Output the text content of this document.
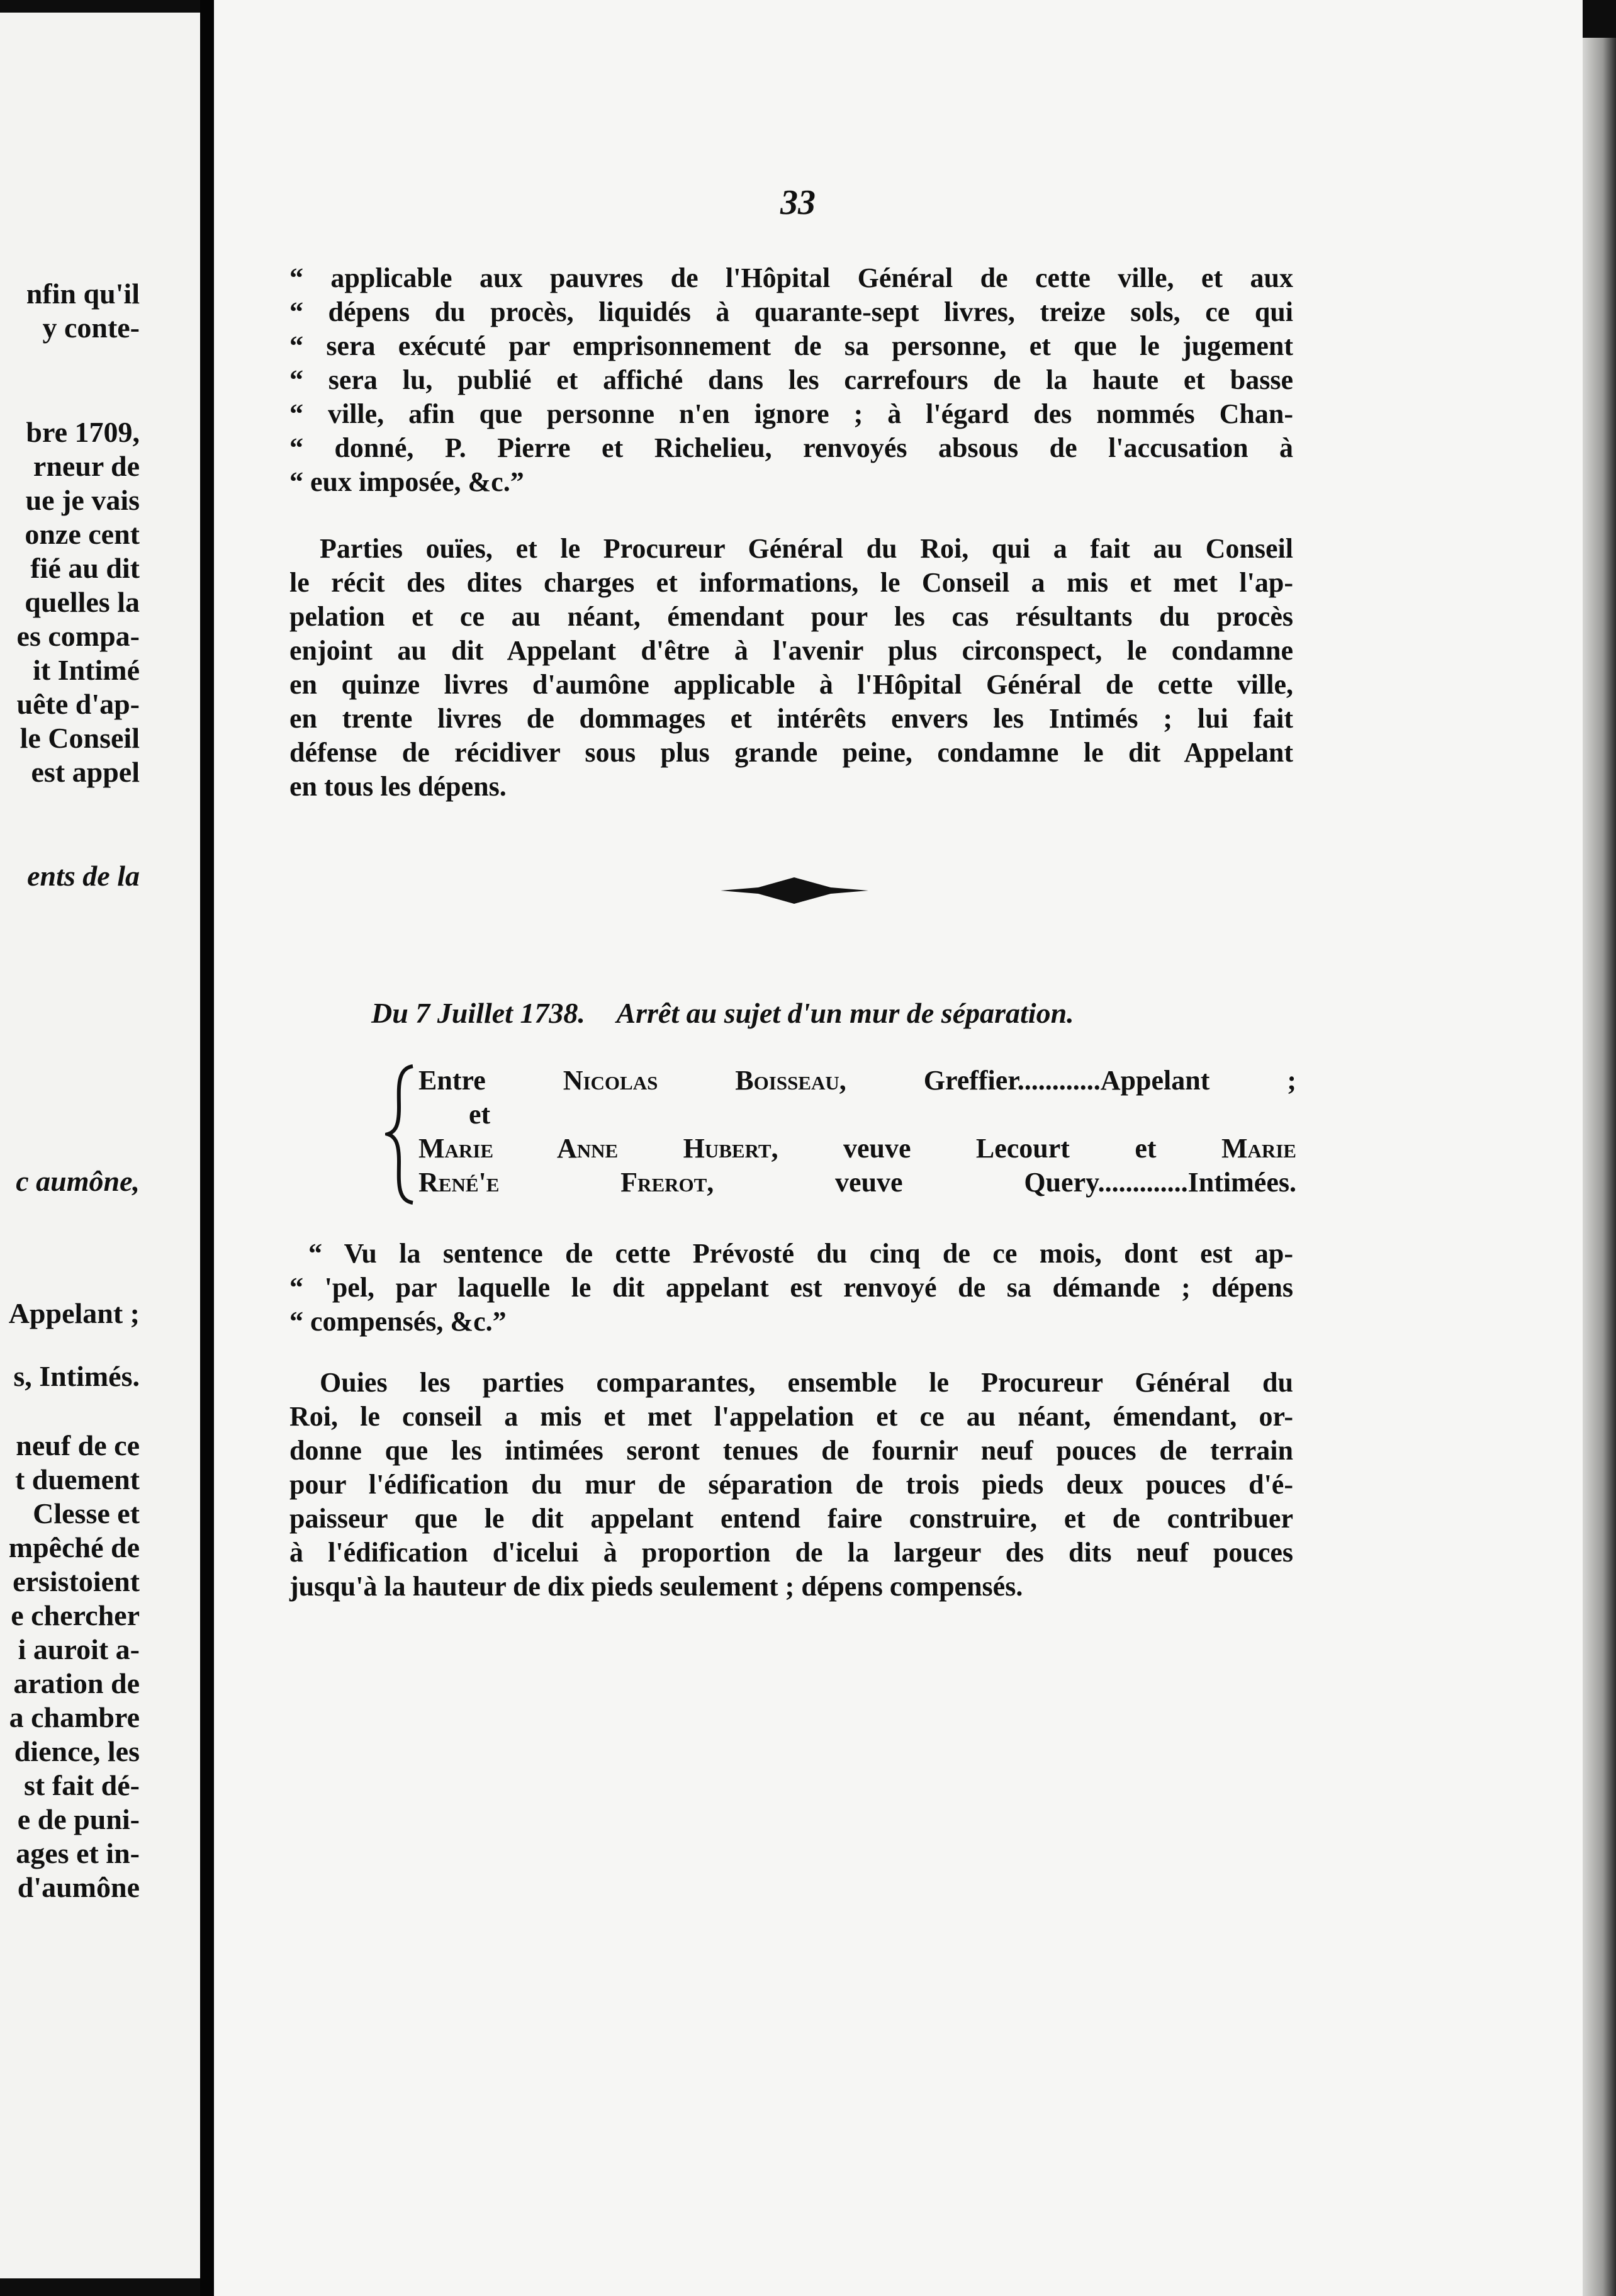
nfin qu'il
y conte-
bre 1709,
rneur de
ue je vais
onze cent
fié au dit
quelles la
es compa-
it Intimé
uête d'ap-
le Conseil
est appel
ents de la
c aumône,
Appelant ;
s, Intimés.
neuf de ce
t duement
Clesse et
mpêché de
ersistoient
e chercher
i auroit a-
aration de
a chambre
dience, les
st fait dé-
e de puni-
ages et in-
d'aumône
33
“ applicable aux pauvres de l'Hôpital Général de cette ville, et aux
“ dépens du procès, liquidés à quarante-sept livres, treize sols, ce qui
“ sera exécuté par emprisonnement de sa personne, et que le jugement
“ sera lu, publié et affiché dans les carrefours de la haute et basse
“ ville, afin que personne n'en ignore ; à l'égard des nommés Chan-
“ donné, P. Pierre et Richelieu, renvoyés absous de l'accusation à
“ eux imposée, &c.”
Parties ouïes, et le Procureur Général du Roi, qui a fait au Conseil
le récit des dites charges et informations, le Conseil a mis et met l'ap-
pelation et ce au néant, émendant pour les cas résultants du procès
enjoint au dit Appelant d'être à l'avenir plus circonspect, le condamne
en quinze livres d'aumône applicable à l'Hôpital Général de cette ville,
en trente livres de dommages et intérêts envers les Intimés ; lui fait
défense de récidiver sous plus grande peine, condamne le dit Appelant
en tous les dépens.
Du 7 Juillet 1738. Arrêt au sujet d'un mur de séparation.
Entre Nicolas Boisseau, Greffier............Appelant ;
et
Marie Anne Hubert, veuve Lecourt et Marie
René'e Frerot, veuve Query.............Intimées.
“ Vu la sentence de cette Prévosté du cinq de ce mois, dont est ap-
“ 'pel, par laquelle le dit appelant est renvoyé de sa démande ; dépens
“ compensés, &c.”
Ouies les parties comparantes, ensemble le Procureur Général du
Roi, le conseil a mis et met l'appelation et ce au néant, émendant, or-
donne que les intimées seront tenues de fournir neuf pouces de terrain
pour l'édification du mur de séparation de trois pieds deux pouces d'é-
paisseur que le dit appelant entend faire construire, et de contribuer
à l'édification d'icelui à proportion de la largeur des dits neuf pouces
jusqu'à la hauteur de dix pieds seulement ; dépens compensés.
